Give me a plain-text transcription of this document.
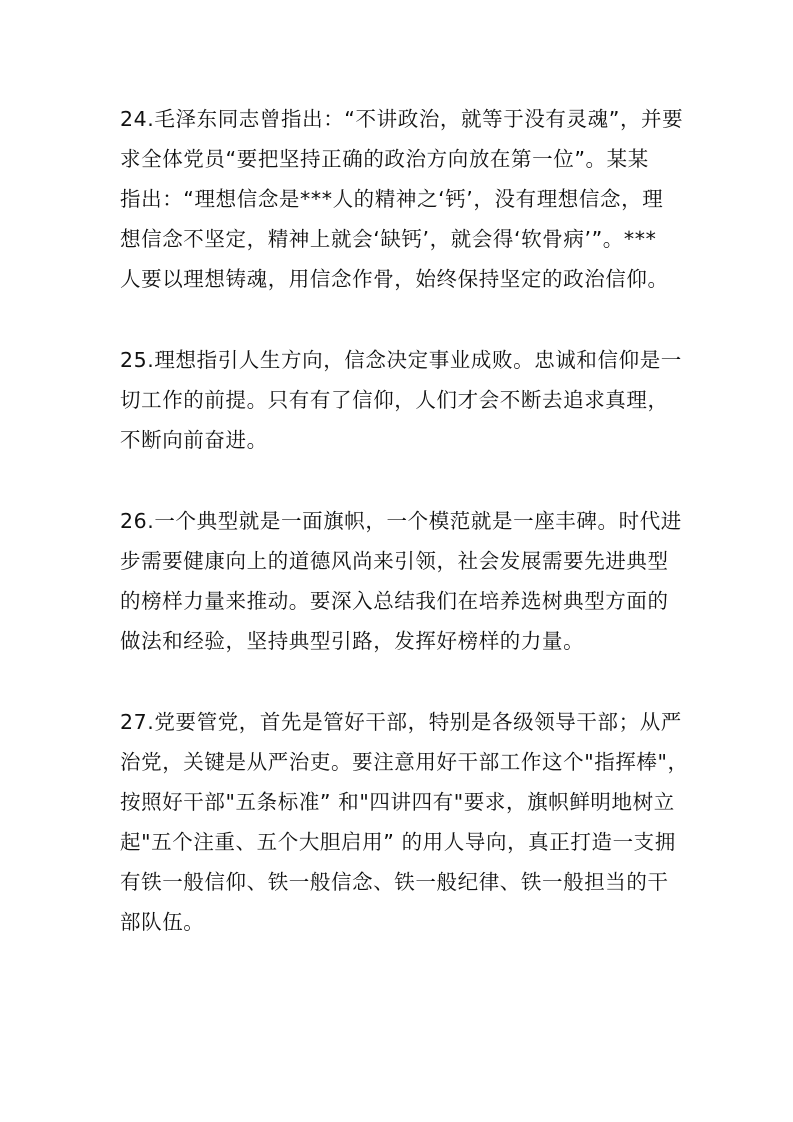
24.毛泽东同志曾指出：“不讲政治，就等于没有灵魂”，并要
求全体党员“要把坚持正确的政治方向放在第一位”。某某
指出：“理想信念是***人的精神之‘钙’，没有理想信念，理
想信念不坚定，精神上就会‘缺钙’，就会得‘软骨病’”。***
人要以理想铸魂，用信念作骨，始终保持坚定的政治信仰。

25.理想指引人生方向，信念决定事业成败。忠诚和信仰是一
切工作的前提。只有有了信仰，人们才会不断去追求真理，
不断向前奋进。

26.一个典型就是一面旗帜，一个模范就是一座丰碑。时代进
步需要健康向上的道德风尚来引领，社会发展需要先进典型
的榜样力量来推动。要深入总结我们在培养选树典型方面的
做法和经验，坚持典型引路，发挥好榜样的力量。

27.党要管党，首先是管好干部，特别是各级领导干部；从严
治党，关键是从严治吏。要注意用好干部工作这个"指挥棒"，
按照好干部"五条标准” 和"四讲四有"要求，旗帜鲜明地树立
起"五个注重、五个大胆启用” 的用人导向，真正打造一支拥
有铁一般信仰、铁一般信念、铁一般纪律、铁一般担当的干
部队伍。
